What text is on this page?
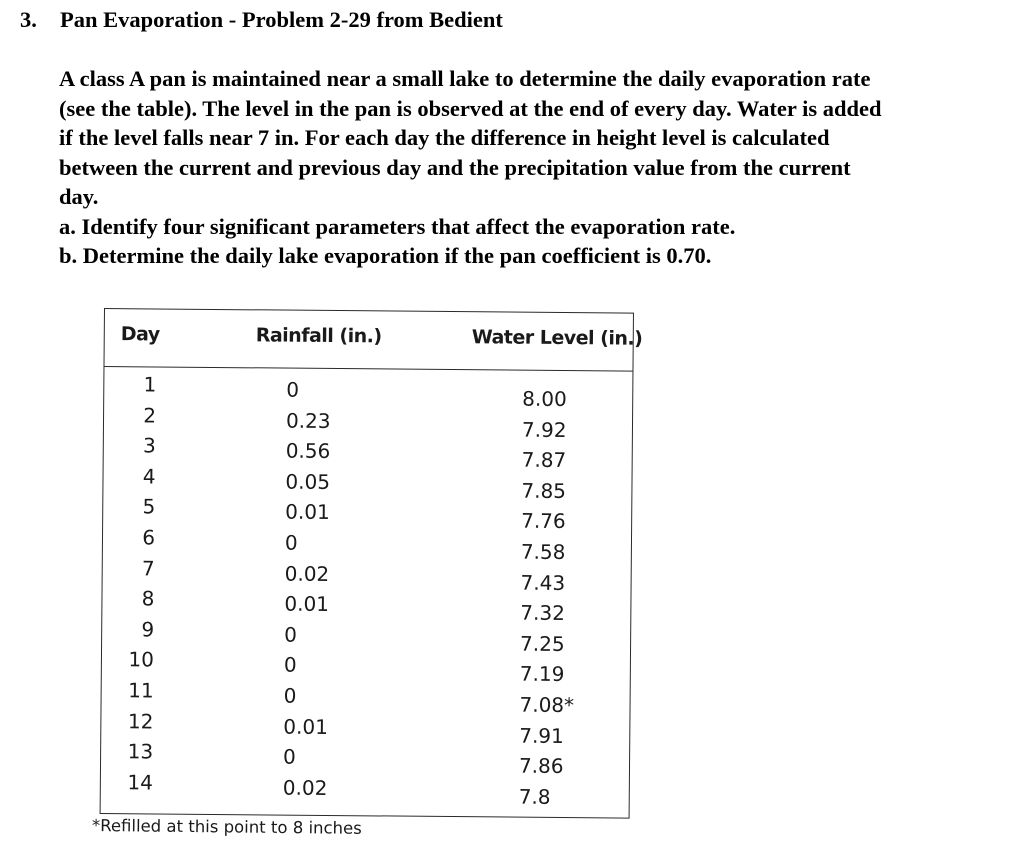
3. Pan Evaporation - Problem 2-29 from Bedient
A class A pan is maintained near a small lake to determine the daily evaporation rate
(see the table). The level in the pan is observed at the end of every day. Water is added
if the level falls near 7 in. For each day the difference in height level is calculated
between the current and previous day and the precipitation value from the current
day.
a. Identify four significant parameters that affect the evaporation rate.
b. Determine the daily lake evaporation if the pan coefficient is 0.70.
Day	Rainfall (in.)	Water Level (in.)
1
2
3
4
5
6
7
8
9
10
11
12
13
14
0
0.23
0.56
0.05
0.01
0
0.02
0.01
0
0
0
0.01
0
0.02
8.00
7.92
7.87
7.85
7.76
7.58
7.43
7.32
7.25
7.19
7.08*
7.91
7.86
7.8
*Refilled at this point to 8 inches
